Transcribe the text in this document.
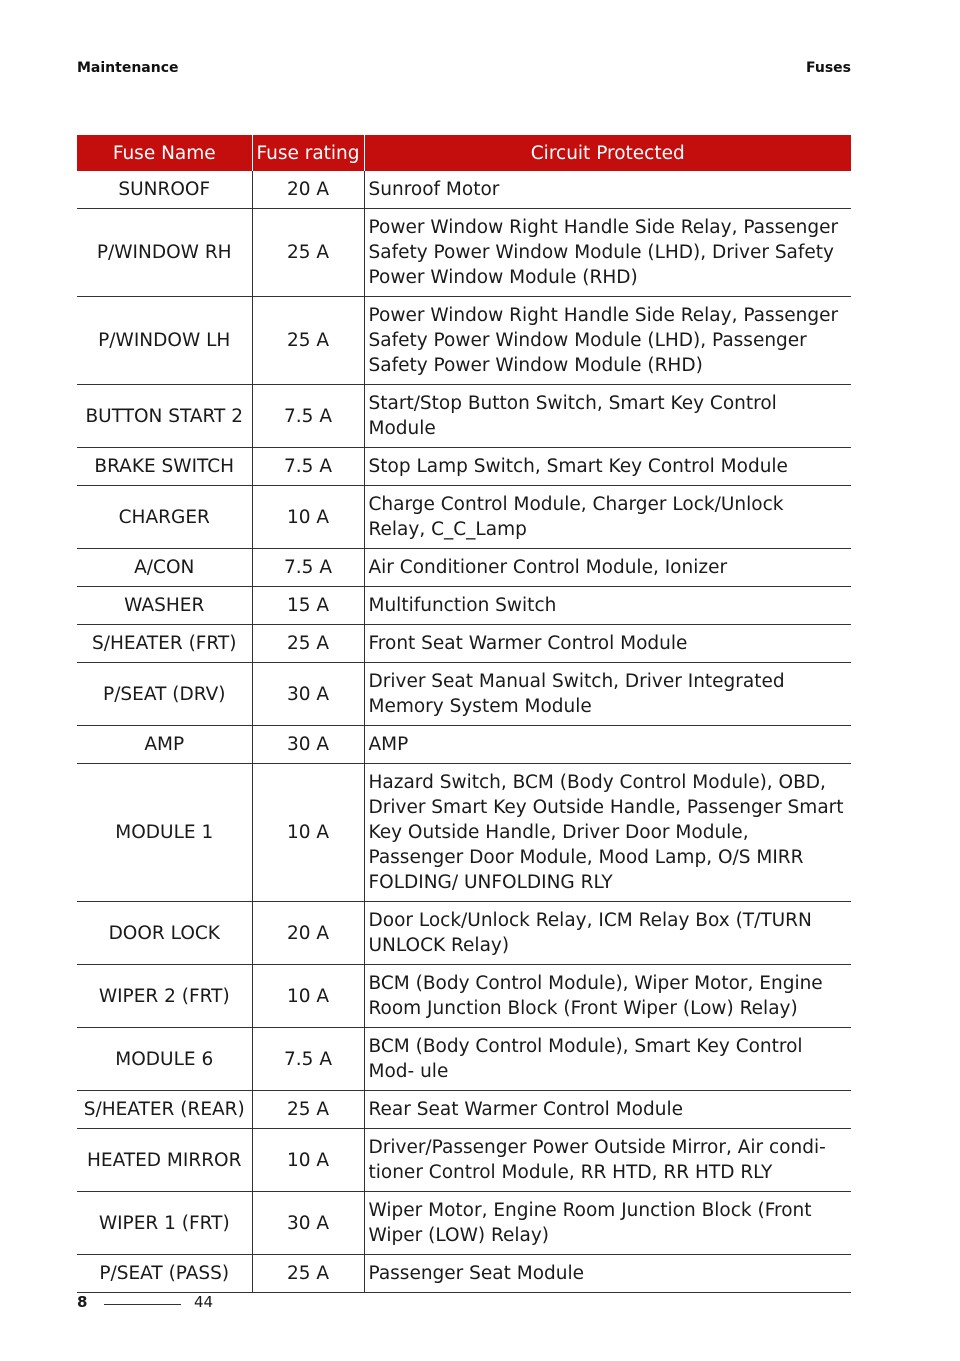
Maintenance	Fuses
Fuse Name	Fuse rating	Circuit Protected
SUNROOF	20 A	Sunroof Motor
P/WINDOW RH	25 A	Power Window Right Handle Side Relay, Passenger Safety Power Window Module (LHD), Driver Safety Power Window Module (RHD)
P/WINDOW LH	25 A	Power Window Right Handle Side Relay, Passenger Safety Power Window Module (LHD), Passenger Safety Power Window Module (RHD)
BUTTON START 2	7.5 A	Start/Stop Button Switch, Smart Key Control Module
BRAKE SWITCH	7.5 A	Stop Lamp Switch, Smart Key Control Module
CHARGER	10 A	Charge Control Module, Charger Lock/Unlock Relay, C_C_Lamp
A/CON	7.5 A	Air Conditioner Control Module, Ionizer
WASHER	15 A	Multifunction Switch
S/HEATER (FRT)	25 A	Front Seat Warmer Control Module
P/SEAT (DRV)	30 A	Driver Seat Manual Switch, Driver Integrated Memory System Module
AMP	30 A	AMP
MODULE 1	10 A	Hazard Switch, BCM (Body Control Module), OBD, Driver Smart Key Outside Handle, Passenger Smart Key Outside Handle, Driver Door Module, Passenger Door Module, Mood Lamp, O/S MIRR FOLDING/ UNFOLDING RLY
DOOR LOCK	20 A	Door Lock/Unlock Relay, ICM Relay Box (T/TURN UNLOCK Relay)
WIPER 2 (FRT)	10 A	BCM (Body Control Module), Wiper Motor, Engine Room Junction Block (Front Wiper (Low) Relay)
MODULE 6	7.5 A	BCM (Body Control Module), Smart Key Control Mod- ule
S/HEATER (REAR)	25 A	Rear Seat Warmer Control Module
HEATED MIRROR	10 A	Driver/Passenger Power Outside Mirror, Air condi- tioner Control Module, RR HTD, RR HTD RLY
WIPER 1 (FRT)	30 A	Wiper Motor, Engine Room Junction Block (Front Wiper (LOW) Relay)
P/SEAT (PASS)	25 A	Passenger Seat Module
8	44
